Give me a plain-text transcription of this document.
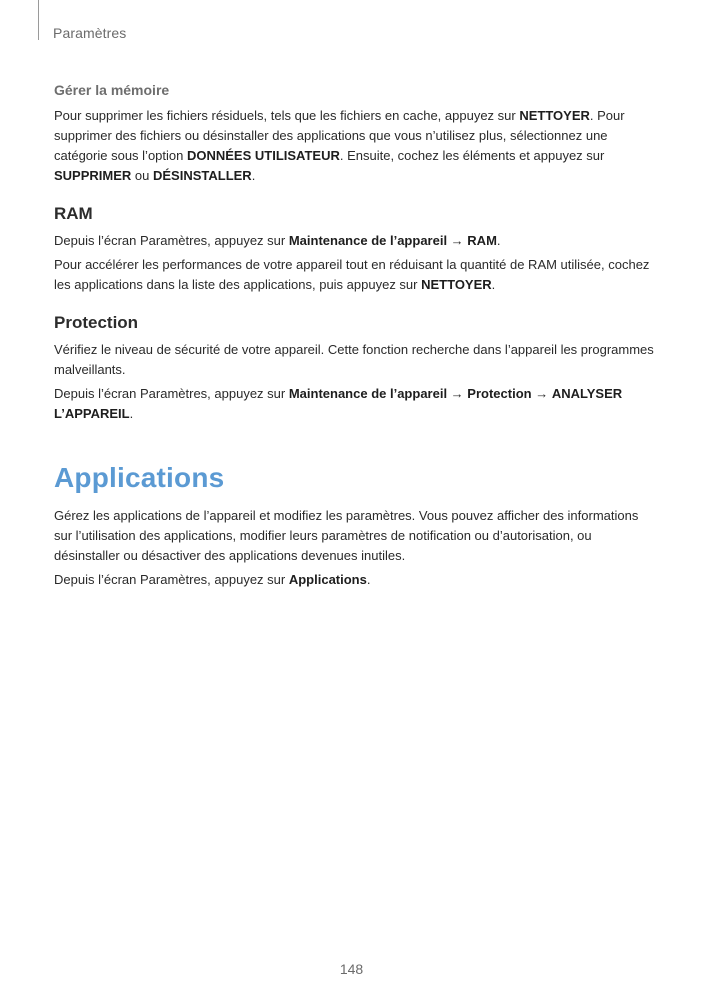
Paramètres
Gérer la mémoire

Pour supprimer les fichiers résiduels, tels que les fichiers en cache, appuyez sur NETTOYER. Pour supprimer des fichiers ou désinstaller des applications que vous n’utilisez plus, sélectionnez une catégorie sous l’option DONNÉES UTILISATEUR. Ensuite, cochez les éléments et appuyez sur SUPPRIMER ou DÉSINSTALLER.

RAM

Depuis l’écran Paramètres, appuyez sur Maintenance de l’appareil → RAM.

Pour accélérer les performances de votre appareil tout en réduisant la quantité de RAM utilisée, cochez les applications dans la liste des applications, puis appuyez sur NETTOYER.

Protection

Vérifiez le niveau de sécurité de votre appareil. Cette fonction recherche dans l’appareil les programmes malveillants.

Depuis l’écran Paramètres, appuyez sur Maintenance de l’appareil → Protection → ANALYSER L’APPAREIL.

Applications

Gérez les applications de l’appareil et modifiez les paramètres. Vous pouvez afficher des informations sur l’utilisation des applications, modifier leurs paramètres de notification ou d’autorisation, ou désinstaller ou désactiver des applications devenues inutiles.

Depuis l’écran Paramètres, appuyez sur Applications.

148
